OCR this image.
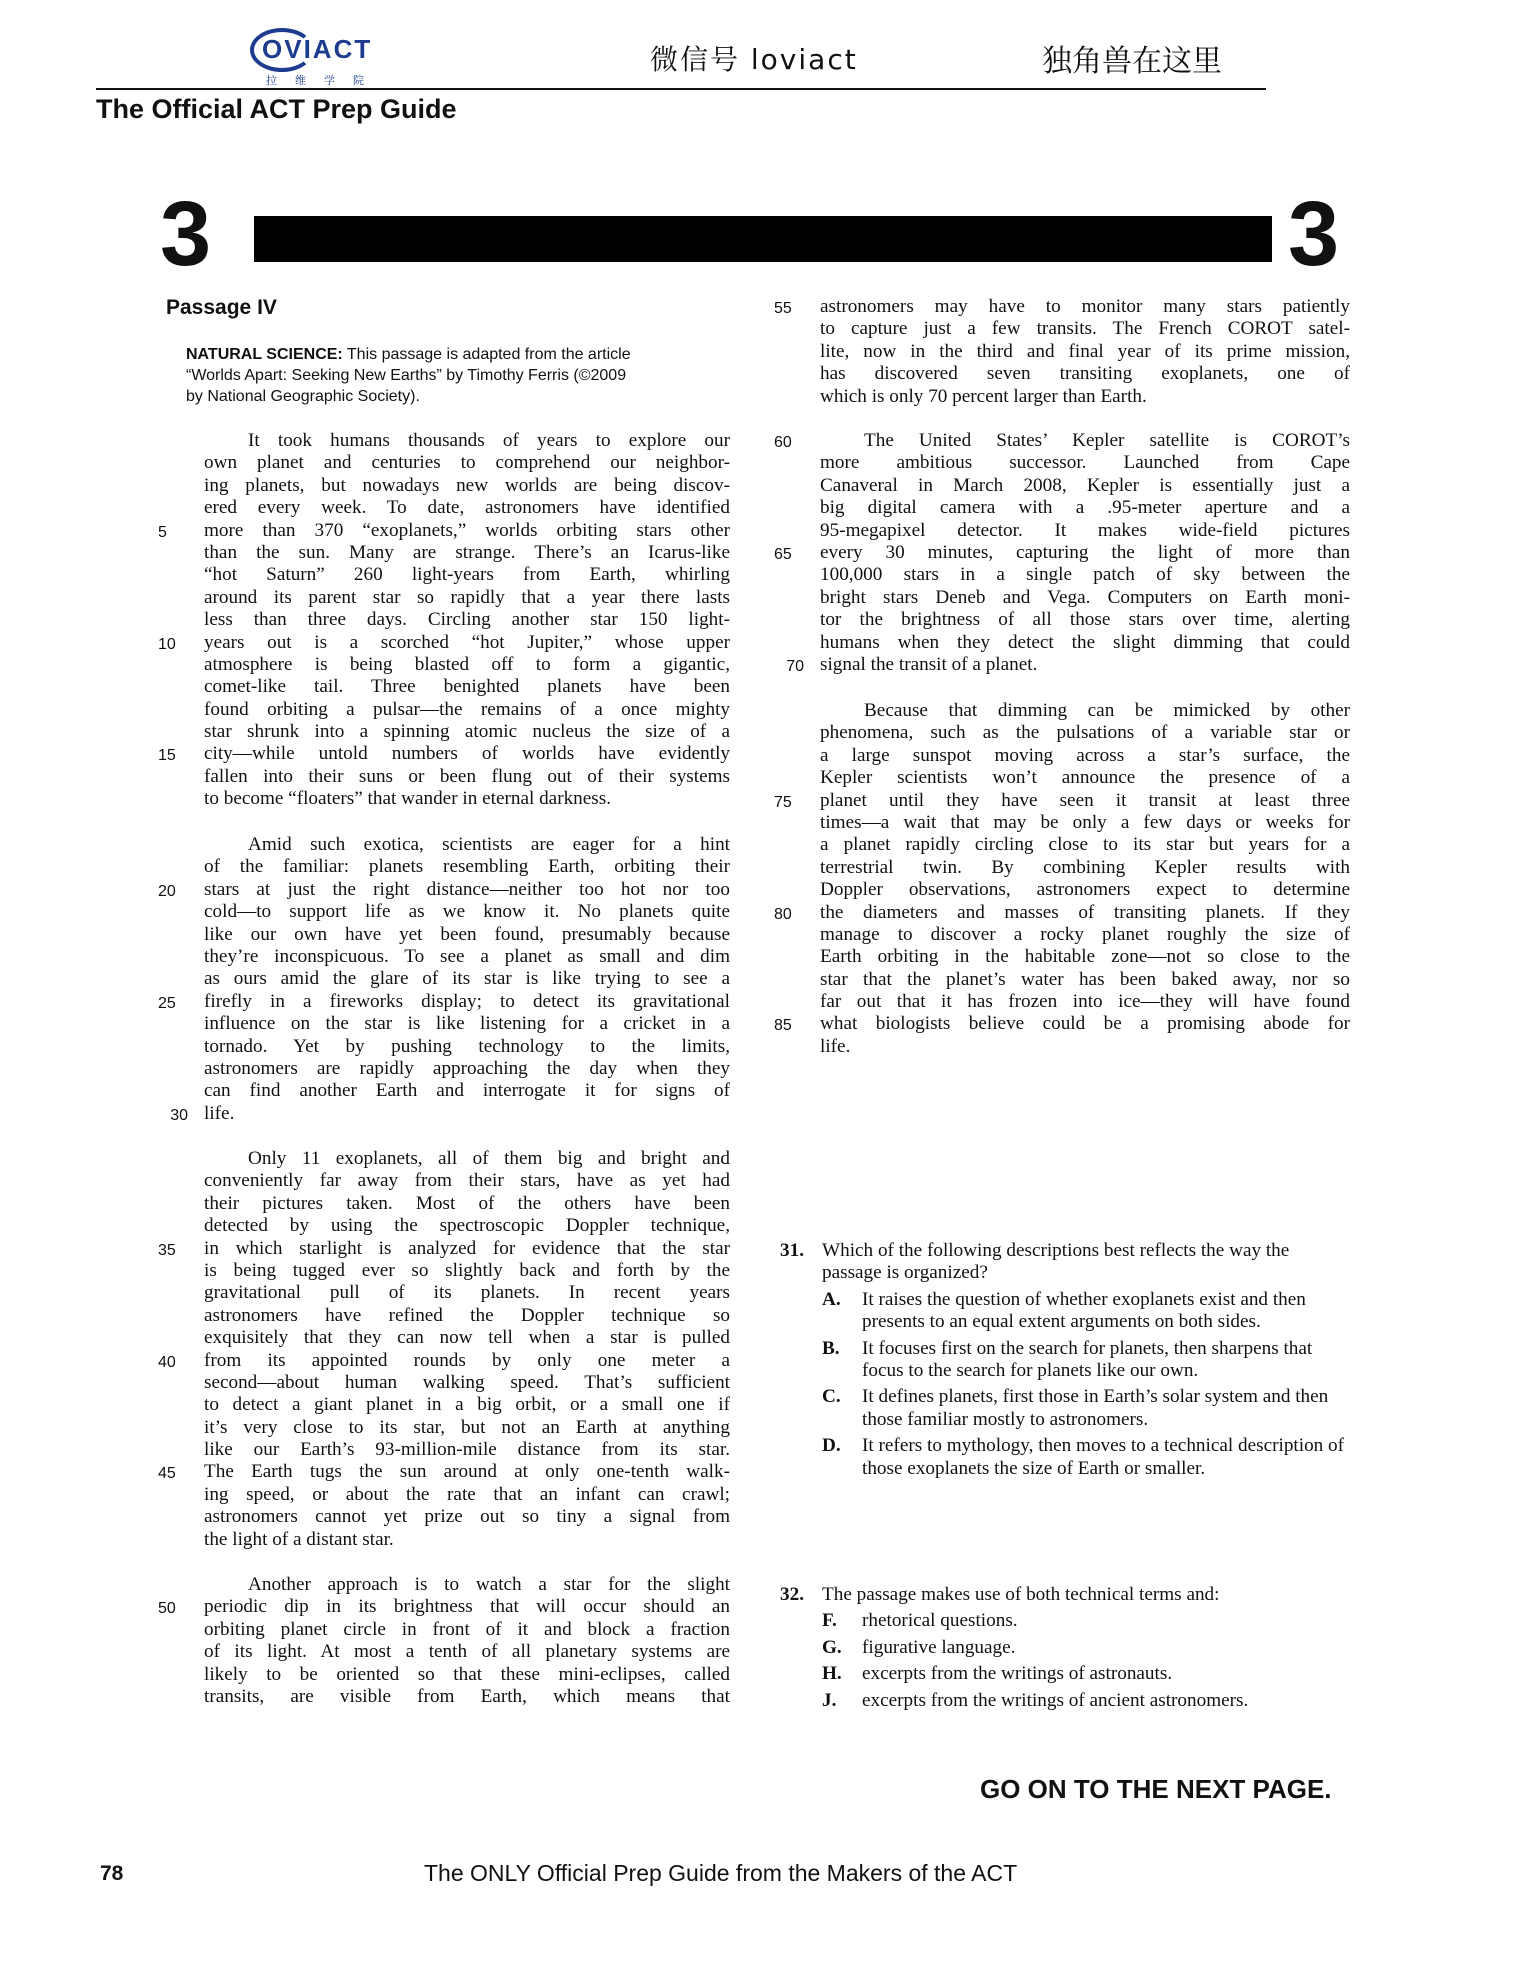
OVIACT
拉维学院
微信号 loviact	独角兽在这里
The Official ACT Prep Guide
3	3
Passage IV
NATURAL SCIENCE: This passage is adapted from the article
“Worlds Apart: Seeking New Earths” by Timothy Ferris (©2009
by National Geographic Society).
It took humans thousands of years to explore our
own planet and centuries to comprehend our neighbor-
ing planets, but nowadays new worlds are being discov-
ered every week. To date, astronomers have identified
5	more than 370 “exoplanets,” worlds orbiting stars other
than the sun. Many are strange. There’s an Icarus-like
“hot Saturn” 260 light-years from Earth, whirling
around its parent star so rapidly that a year there lasts
less than three days. Circling another star 150 light-
10	years out is a scorched “hot Jupiter,” whose upper
atmosphere is being blasted off to form a gigantic,
comet-like tail. Three benighted planets have been
found orbiting a pulsar—the remains of a once mighty
star shrunk into a spinning atomic nucleus the size of a
15	city—while untold numbers of worlds have evidently
fallen into their suns or been flung out of their systems
to become “floaters” that wander in eternal darkness.
Amid such exotica, scientists are eager for a hint
of the familiar: planets resembling Earth, orbiting their
20	stars at just the right distance—neither too hot nor too
cold—to support life as we know it. No planets quite
like our own have yet been found, presumably because
they’re inconspicuous. To see a planet as small and dim
as ours amid the glare of its star is like trying to see a
25	firefly in a fireworks display; to detect its gravitational
influence on the star is like listening for a cricket in a
tornado. Yet by pushing technology to the limits,
astronomers are rapidly approaching the day when they
can find another Earth and interrogate it for signs of
30 life.
Only 11 exoplanets, all of them big and bright and
conveniently far away from their stars, have as yet had
their pictures taken. Most of the others have been
detected by using the spectroscopic Doppler technique,
35	in which starlight is analyzed for evidence that the star
is being tugged ever so slightly back and forth by the
gravitational pull of its planets. In recent years
astronomers have refined the Doppler technique so
exquisitely that they can now tell when a star is pulled
40	from its appointed rounds by only one meter a
second—about human walking speed. That’s sufficient
to detect a giant planet in a big orbit, or a small one if
it’s very close to its star, but not an Earth at anything
like our Earth’s 93-million-mile distance from its star.
45	The Earth tugs the sun around at only one-tenth walk-
ing speed, or about the rate that an infant can crawl;
astronomers cannot yet prize out so tiny a signal from
the light of a distant star.
Another approach is to watch a star for the slight
50	periodic dip in its brightness that will occur should an
orbiting planet circle in front of it and block a fraction
of its light. At most a tenth of all planetary systems are
likely to be oriented so that these mini-eclipses, called
transits, are visible from Earth, which means that
55	astronomers may have to monitor many stars patiently
to capture just a few transits. The French COROT satel-
lite, now in the third and final year of its prime mission,
has discovered seven transiting exoplanets, one of
which is only 70 percent larger than Earth.
60	The United States’ Kepler satellite is COROT’s
more ambitious successor. Launched from Cape
Canaveral in March 2008, Kepler is essentially just a
big digital camera with a .95-meter aperture and a
95-megapixel detector. It makes wide-field pictures
65	every 30 minutes, capturing the light of more than
100,000 stars in a single patch of sky between the
bright stars Deneb and Vega. Computers on Earth moni-
tor the brightness of all those stars over time, alerting
humans when they detect the slight dimming that could
70 signal the transit of a planet.
Because that dimming can be mimicked by other
phenomena, such as the pulsations of a variable star or
a large sunspot moving across a star’s surface, the
Kepler scientists won’t announce the presence of a
75	planet until they have seen it transit at least three
times—a wait that may be only a few days or weeks for
a planet rapidly circling close to its star but years for a
terrestrial twin. By combining Kepler results with
Doppler observations, astronomers expect to determine
80	the diameters and masses of transiting planets. If they
manage to discover a rocky planet roughly the size of
Earth orbiting in the habitable zone—not so close to the
star that the planet’s water has been baked away, nor so
far out that it has frozen into ice—they will have found
85	what biologists believe could be a promising abode for
life.
31. Which of the following descriptions best reflects the way the passage is organized?
A. It raises the question of whether exoplanets exist and then presents to an equal extent arguments on both sides.
B. It focuses first on the search for planets, then sharpens that focus to the search for planets like our own.
C. It defines planets, first those in Earth’s solar system and then those familiar mostly to astronomers.
D. It refers to mythology, then moves to a technical description of those exoplanets the size of Earth or smaller.
32. The passage makes use of both technical terms and:
F. rhetorical questions.
G. figurative language.
H. excerpts from the writings of astronauts.
J. excerpts from the writings of ancient astronomers.
GO ON TO THE NEXT PAGE.
78	The ONLY Official Prep Guide from the Makers of the ACT
